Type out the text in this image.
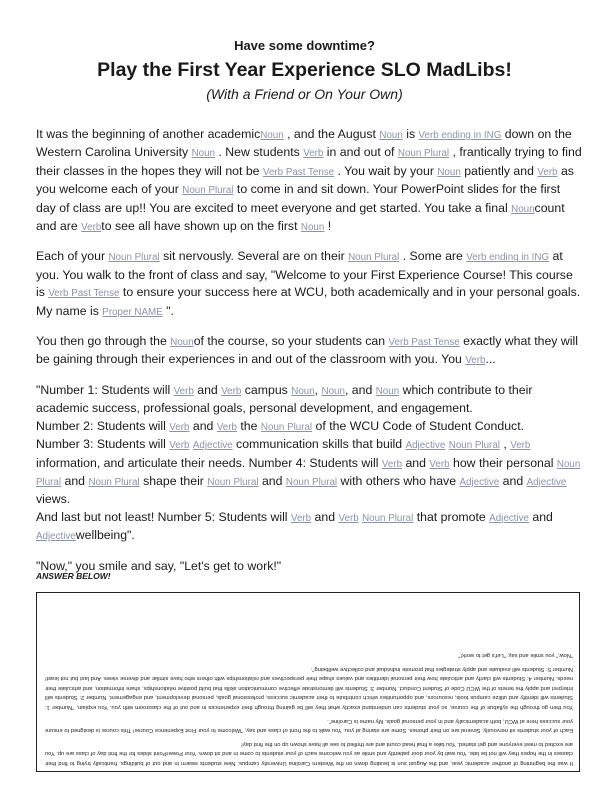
Have some downtime?
Play the First Year Experience SLO MadLibs!
(With a Friend or On Your Own)

It was the beginning of another academicNoun , and the August Noun is Verb ending in ING down on the Western Carolina University Noun . New students Verb in and out of Noun Plural , frantically trying to find their classes in the hopes they will not be Verb Past Tense . You wait by your Noun patiently and Verb as you welcome each of your Noun Plural to come in and sit down. Your PowerPoint slides for the first day of class are up!! You are excited to meet everyone and get started. You take a final Nouncount and are Verbto see all have shown up on the first Noun !

Each of your Noun Plural sit nervously. Several are on their Noun Plural . Some are Verb ending in ING at you. You walk to the front of class and say, "Welcome to your First Experience Course! This course is Verb Past Tense to ensure your success here at WCU, both academically and in your personal goals. My name is Proper NAME ".

You then go through the Nounof the course, so your students can Verb Past Tense exactly what they will be gaining through their experiences in and out of the classroom with you. You Verb...

"Number 1: Students will Verb and Verb campus Noun, Noun, and Noun which contribute to their academic success, professional goals, personal development, and engagement.
Number 2: Students will Verb and Verb the Noun Plural of the WCU Code of Student Conduct.
Number 3: Students will Verb Adjective communication skills that build Adjective Noun Plural , Verb information, and articulate their needs. Number 4: Students will Verb and Verb how their personal Noun Plural and Noun Plural shape their Noun Plural and Noun Plural with others who have Adjective and Adjective views.
And last but not least! Number 5: Students will Verb and Verb Noun Plural that promote Adjective and Adjectivewellbeing".

"Now," you smile and say, "Let's get to work!"

ANSWER BELOW!

It was the beginning of another academic year, and the August sun is beating down on the Western Carolina University campus. New students swarm in and out of buildings, frantically trying to find their classes in the hopes they will not be late. You wait by your door patiently and smile as you welcome each of your students to come in and sit down. Your PowerPoint slides for the first day of class are up. You are excited to meet everyone and get started. You take a final head count and are thrilled to see all have shown up on the first day!

Each of your students sit nervously. Several are on their phones. Some are staring at you. You walk to the front of class and say, "Welcome to your First Experience Course! This course is designed to ensure your success here at WCU, both academically and in your personal goals. My name is Caroline".

You then go through the syllabus of the course, so your students can understand exactly what they will be gaining through their experiences in and out of the classroom with you. You explain, "Number 1: Students will identify and utilize campus tools, resources, and opportunities which contribute to their academic success, professional goals, personal development, and engagement. Number 2: Students will interpret and apply the tenets of the WCU Code of Student Conduct. Number 3: Students will demonstrate effective communication skills that build positive relationships, share information, and articulate their needs. Number 4: Students will clarify and articulate how their personal identities and values shape their perspectives and relationships with others who have similar and diverse views. And last but not least! Number 5: Students will evaluate and apply strategies that promote individual and collective wellbeing".

"Now," you smile and say, "Let's get to work!"
